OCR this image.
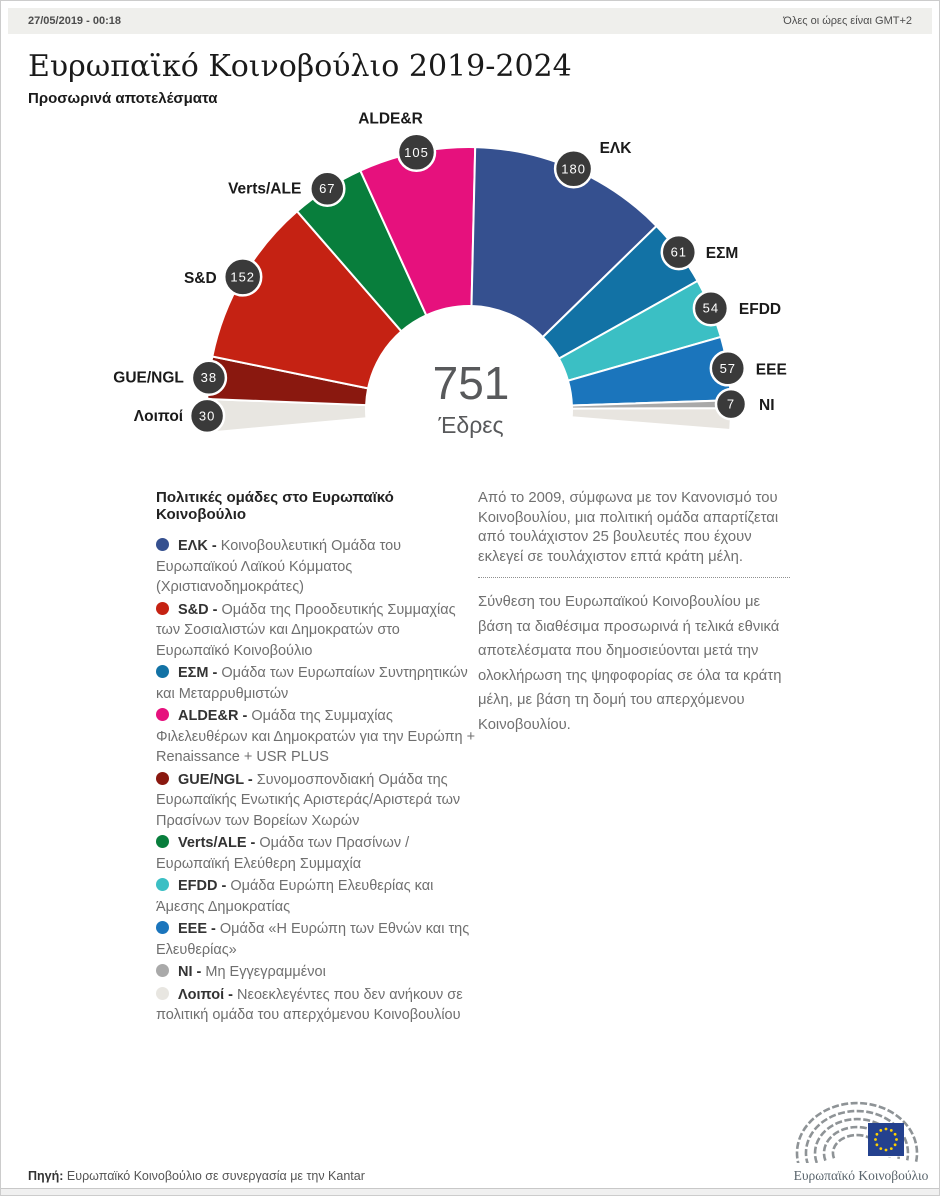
27/05/2019 - 00:18	Όλες οι ώρες είναι GMT+2
Ευρωπαϊκό Κοινοβούλιο 2019-2024
Προσωρινά αποτελέσματα
30
Λοιποί
38
GUE/NGL
152
S&D
67
Verts/ALE
105
ALDE&R
180
ΕΛΚ
61 ΕΣΜ
54 EFDD
57 ΕΕΕ
7 NI
751
Έδρες
Πολιτικές ομάδες στο Ευρωπαϊκό Κοινοβούλιο
ΕΛΚ - Κοινοβουλευτική Ομάδα του Ευρωπαϊκού Λαϊκού Κόμματος (Χριστιανοδημοκράτες)
S&D - Ομάδα της Προοδευτικής Συμμαχίας των Σοσιαλιστών και Δημοκρατών στο Ευρωπαϊκό Κοινοβούλιο
ΕΣΜ - Ομάδα των Ευρωπαίων Συντηρητικών και Μεταρρυθμιστών
ALDE&R - Ομάδα της Συμμαχίας Φιλελευθέρων και Δημοκρατών για την Ευρώπη + Renaissance + USR PLUS
GUE/NGL - Συνομοσπονδιακή Ομάδα της Ευρωπαϊκής Ενωτικής Αριστεράς/Αριστερά των Πρασίνων των Βορείων Χωρών
Verts/ALE - Ομάδα των Πρασίνων / Ευρωπαϊκή Ελεύθερη Συμμαχία
EFDD - Ομάδα Ευρώπη Ελευθερίας και Άμεσης Δημοκρατίας
ΕΕΕ - Ομάδα «Η Ευρώπη των Εθνών και της Ελευθερίας»
NI - Μη Εγγεγραμμένοι
Λοιποί - Νεοεκλεγέντες που δεν ανήκουν σε πολιτική ομάδα του απερχόμενου Κοινοβουλίου

Από το 2009, σύμφωνα με τον Κανονισμό του Κοινοβουλίου, μια πολιτική ομάδα απαρτίζεται από τουλάχιστον 25 βουλευτές που έχουν εκλεγεί σε τουλάχιστον επτά κράτη μέλη.

Σύνθεση του Ευρωπαϊκού Κοινοβουλίου με βάση τα διαθέσιμα προσωρινά ή τελικά εθνικά αποτελέσματα που δημοσιεύονται μετά την ολοκλήρωση της ψηφοφορίας σε όλα τα κράτη μέλη, με βάση τη δομή του απερχόμενου Κοινοβουλίου.

Ευρωπαϊκό Κοινοβούλιο
Πηγή: Ευρωπαϊκό Κοινοβούλιο σε συνεργασία με την Kantar
